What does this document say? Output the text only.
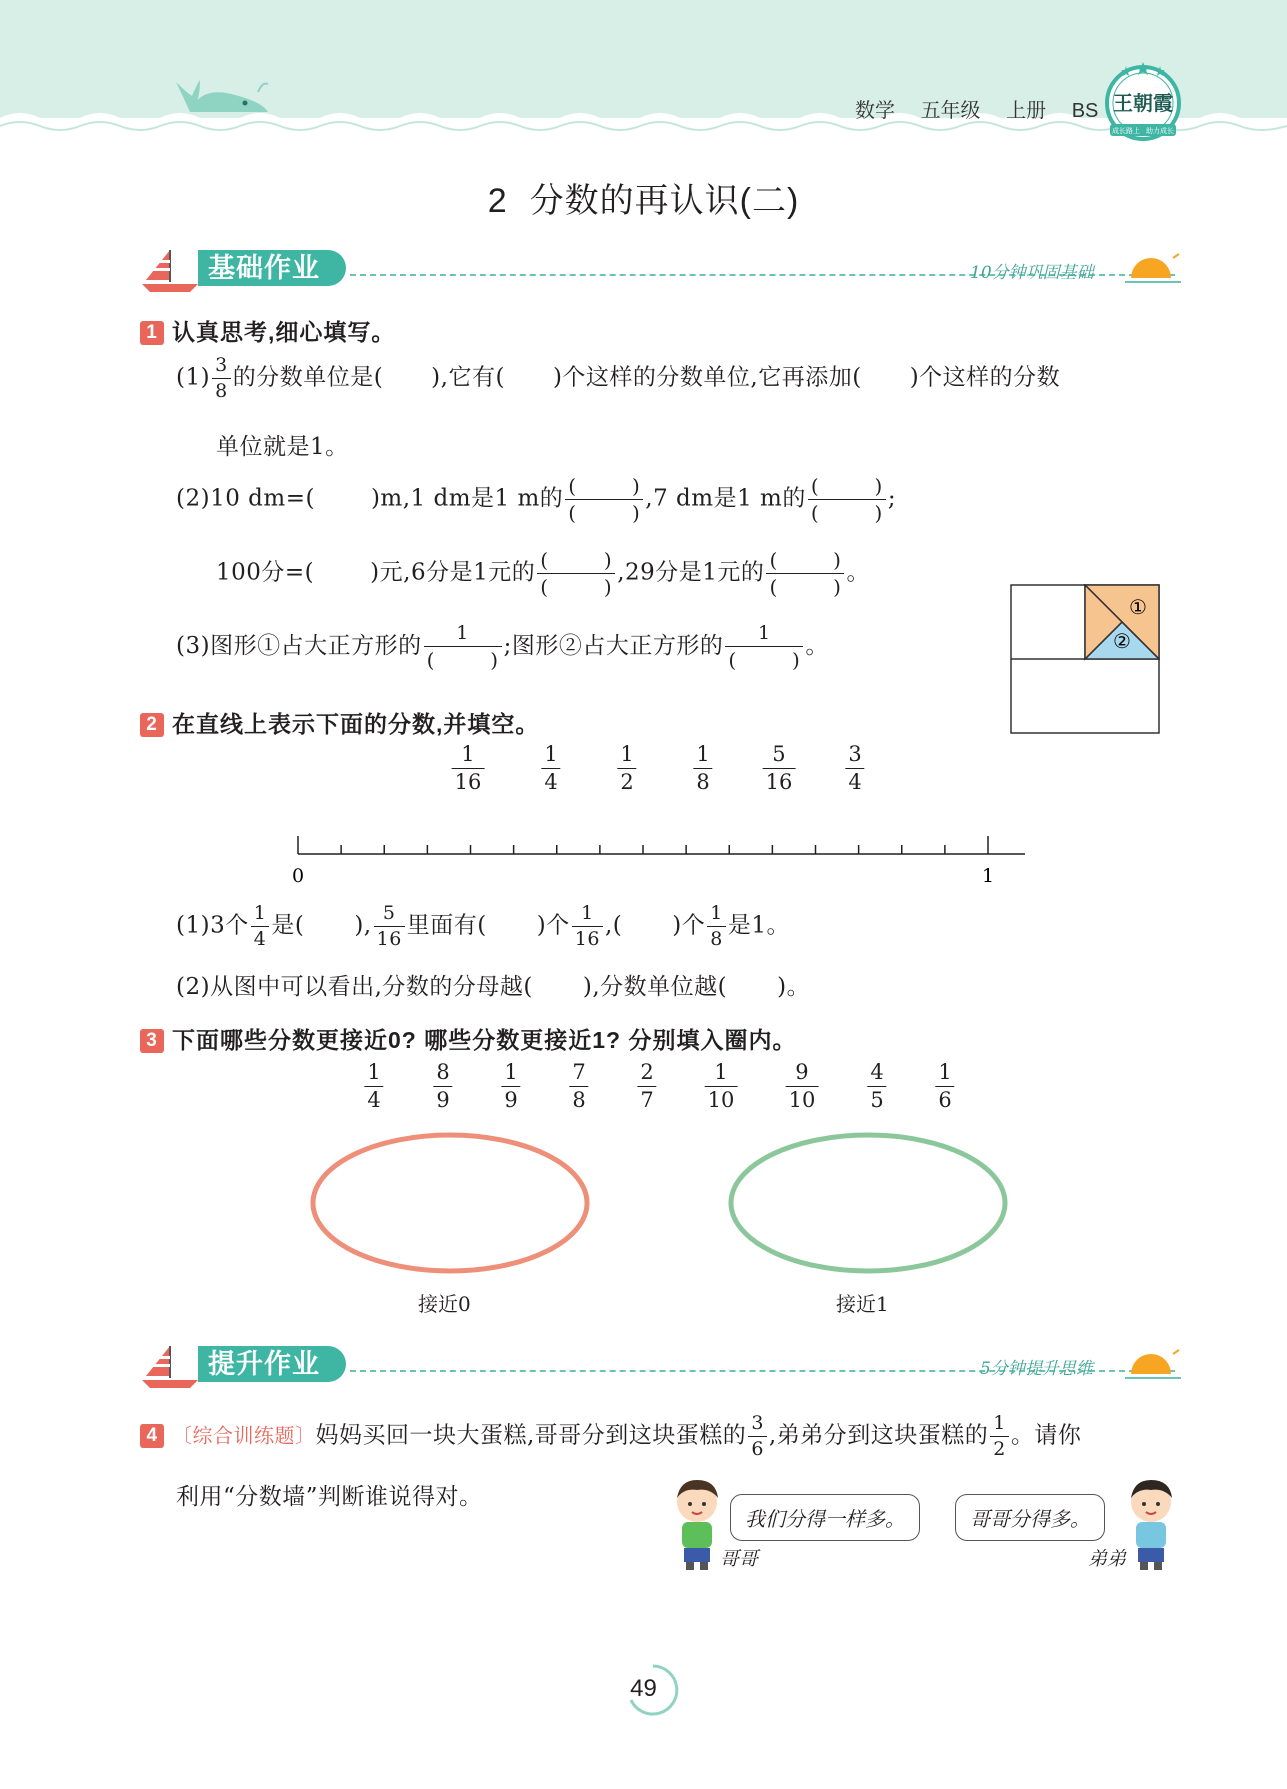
数学 五年级 上册 BS 王朝霞
成长路上 助力成长
2 分数的再认识(二)
基础作业	10分钟巩固基础
1 认真思考,细心填写。
$(1) \frac{3}{8}$ 的分数单位是( ),它有( )个这样的分数单位,它再添加( )个这样的分数
单位就是1。
(2)10 dm=( )m,1 dm是1 m的 (	)
(	) ,7 dm是1 m的 (	)
(	) ;
100分=( )元,6分是1元的 (	)
(	) ,29分是1元的 (	)
(	) 。
(3)图形①占大正方形的 1
(	) ;图形②占大正方形的 1
(	) 。
①
②
2 在直线上表示下面的分数,并填空。
1
16
1
4
1
2
1
8
5
16
3
4
0	1
(1)3个 $\frac{1}{4}$ 是( ), $\frac{5}{16}$ 里面有( )个 $\frac{1}{16}$ ,( )个 $\frac{1}{8}$ 是1。
(2)从图中可以看出,分数的分母越( ),分数单位越( )。
3 下面哪些分数更接近0? 哪些分数更接近1? 分别填入圈内。
1
4
8
9
1
9
7
8
2
7
1
10
9
10
4
5
1
6
接近0	接近1
提升作业	5分钟提升思维
4 〔综合训练题〕妈妈买回一块大蛋糕,哥哥分到这块蛋糕的 $\frac{3}{6}$ ,弟弟分到这块蛋糕的 $\frac{1}{2}$ 。请你
利用“分数墙”判断谁说得对。
哥哥
我们分得一样多。	哥哥分得多。
弟弟
49
